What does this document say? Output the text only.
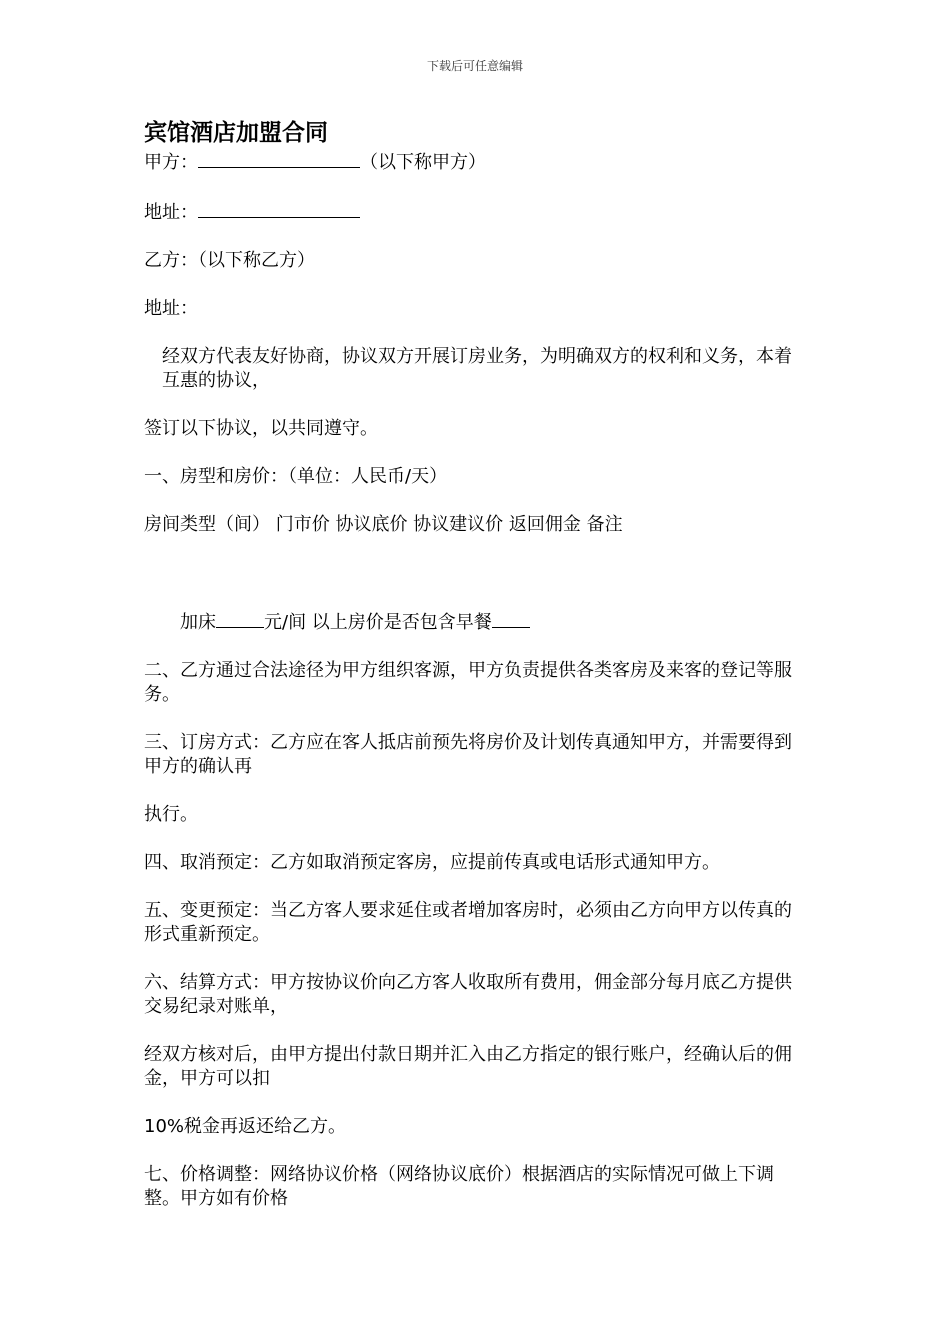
下载后可任意编辑
宾馆酒店加盟合同

甲方：	（以下称甲方）

地址：

乙方：（以下称乙方）

地址：

经双方代表友好协商，协议双方开展订房业务，为明确双方的权利和义务，本着互惠的协议，

签订以下协议，以共同遵守。

一、房型和房价：（单位：人民币/天）

房间类型（间） 门市价 协议底价 协议建议价 返回佣金 备注

加床	元/间 以上房价是否包含早餐

二、乙方通过合法途径为甲方组织客源，甲方负责提供各类客房及来客的登记等服务。

三、订房方式：乙方应在客人抵店前预先将房价及计划传真通知甲方，并需要得到甲方的确认再

执行。

四、取消预定：乙方如取消预定客房，应提前传真或电话形式通知甲方。

五、变更预定：当乙方客人要求延住或者增加客房时，必须由乙方向甲方以传真的形式重新预定。

六、结算方式：甲方按协议价向乙方客人收取所有费用，佣金部分每月底乙方提供交易纪录对账单，

经双方核对后，由甲方提出付款日期并汇入由乙方指定的银行账户，经确认后的佣金，甲方可以扣

10%税金再返还给乙方。

七、价格调整：网络协议价格（网络协议底价）根据酒店的实际情况可做上下调整。甲方如有价格
